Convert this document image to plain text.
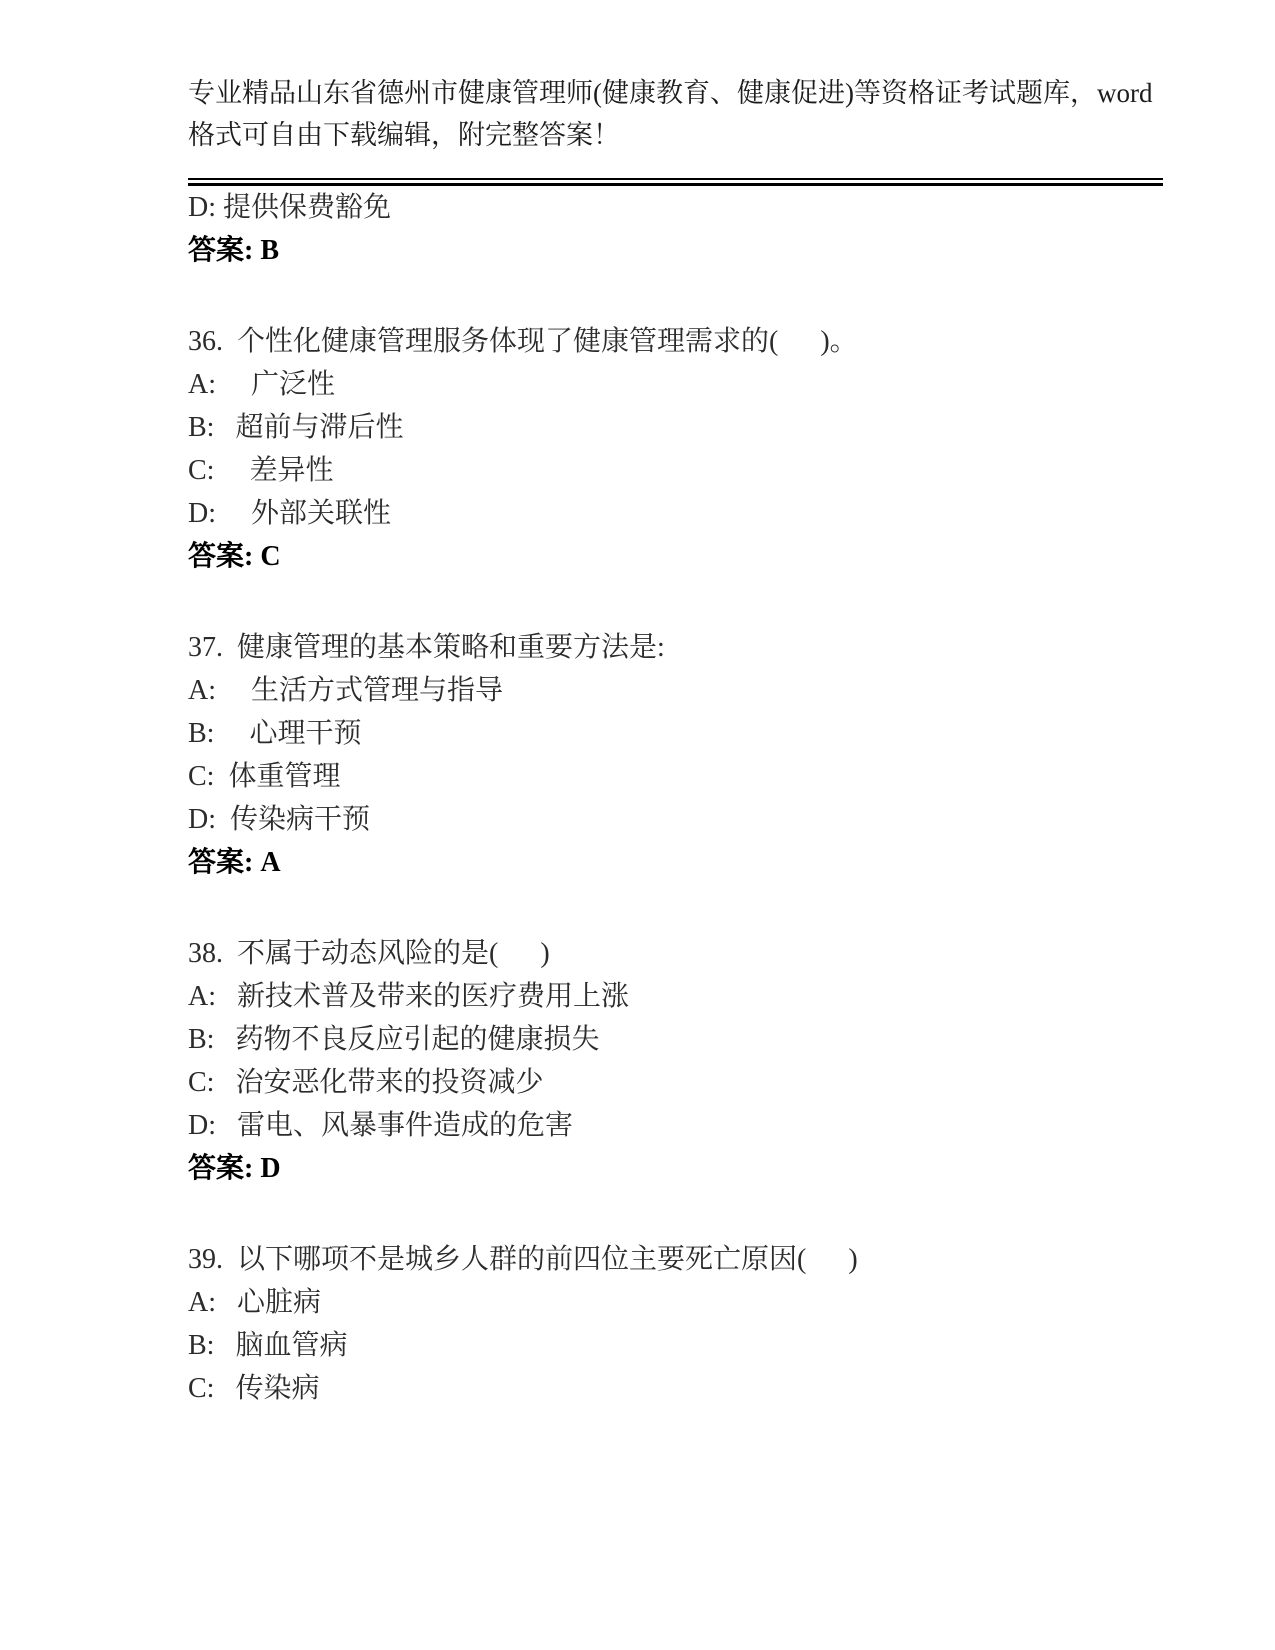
专业精品山东省德州市健康管理师(健康教育、健康促进)等资格证考试题库，word

格式可自由下载编辑，附完整答案！

D: 提供保费豁免

答案: B

36.  个性化健康管理服务体现了健康管理需求的(      )。

A:     广泛性

B:   超前与滞后性

C:     差异性

D:     外部关联性

答案: C

37.  健康管理的基本策略和重要方法是:

A:     生活方式管理与指导

B:     心理干预

C:  体重管理

D:  传染病干预

答案: A

38.  不属于动态风险的是(      )

A:   新技术普及带来的医疗费用上涨

B:   药物不良反应引起的健康损失

C:   治安恶化带来的投资减少

D:   雷电、风暴事件造成的危害

答案: D

39.  以下哪项不是城乡人群的前四位主要死亡原因(      )

A:   心脏病

B:   脑血管病

C:   传染病
